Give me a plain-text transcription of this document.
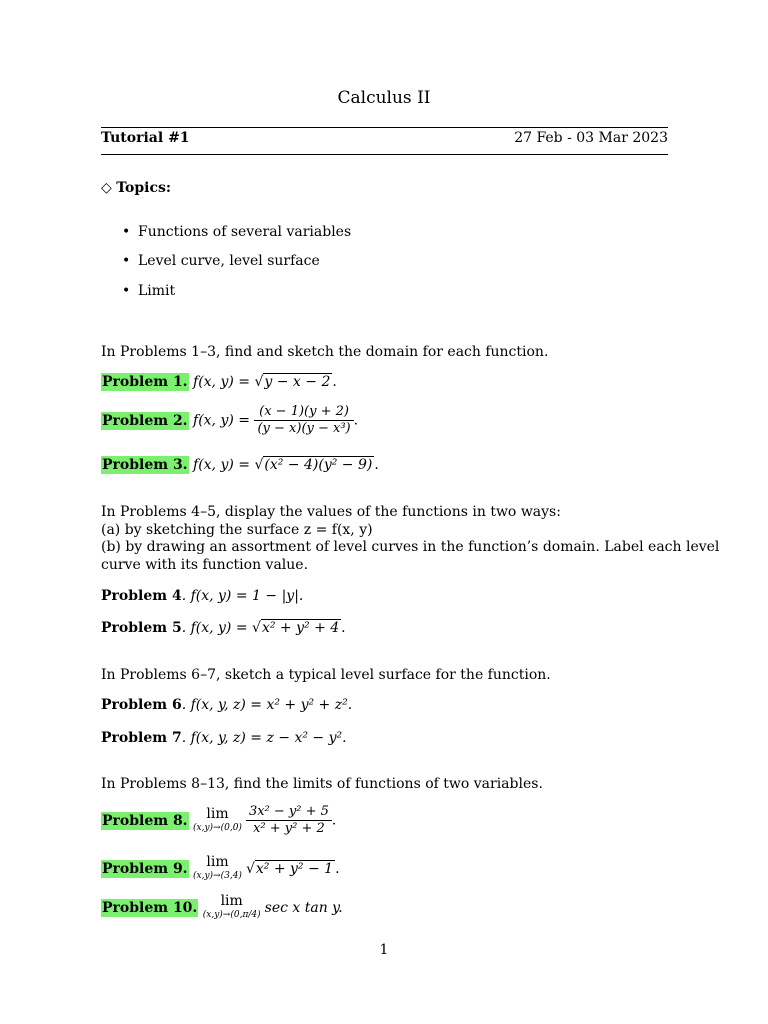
Calculus II
Tutorial #1	27 Feb - 03 Mar 2023
◇ Topics:
• Functions of several variables
• Level curve, level surface
• Limit
In Problems 1–3, find and sketch the domain for each function.
Problem 1. f(x, y) = √y − x − 2 .
Problem 2. f(x, $y) = \frac{(x - 1)(y + 2)}{\text{(y − x)(y − x³)}}$ .
Problem 3. f(x, y) = √(x² − 4)(y² − 9) .
In Problems 4–5, display the values of the functions in two ways:
(a) by sketching the surface z = f(x, y)
(b) by drawing an assortment of level curves in the function’s domain. Label each level
curve with its function value.
Problem 4. f(x, y) = 1 − |y|.
Problem 5. f(x, y) = √x² + y² + 4 .
In Problems 6–7, sketch a typical level surface for the function.
Problem 6. f(x, y, z) = x² + y² + z².
Problem 7. f(x, y, z) = z − x² − y².
In Problems 8–13, find the limits of functions of two variables.
Problem 8.	lim
$(x,y)\to(0,0) \frac{\text{3x² − y² + 5}}{\text{x² + y² + 2}}$ .
Problem 9.	lim
(x,y)→(3,4) √x² + y² − 1 .
Problem 10.	lim
(x,y)→(0,π/4) sec x tan y.
1
